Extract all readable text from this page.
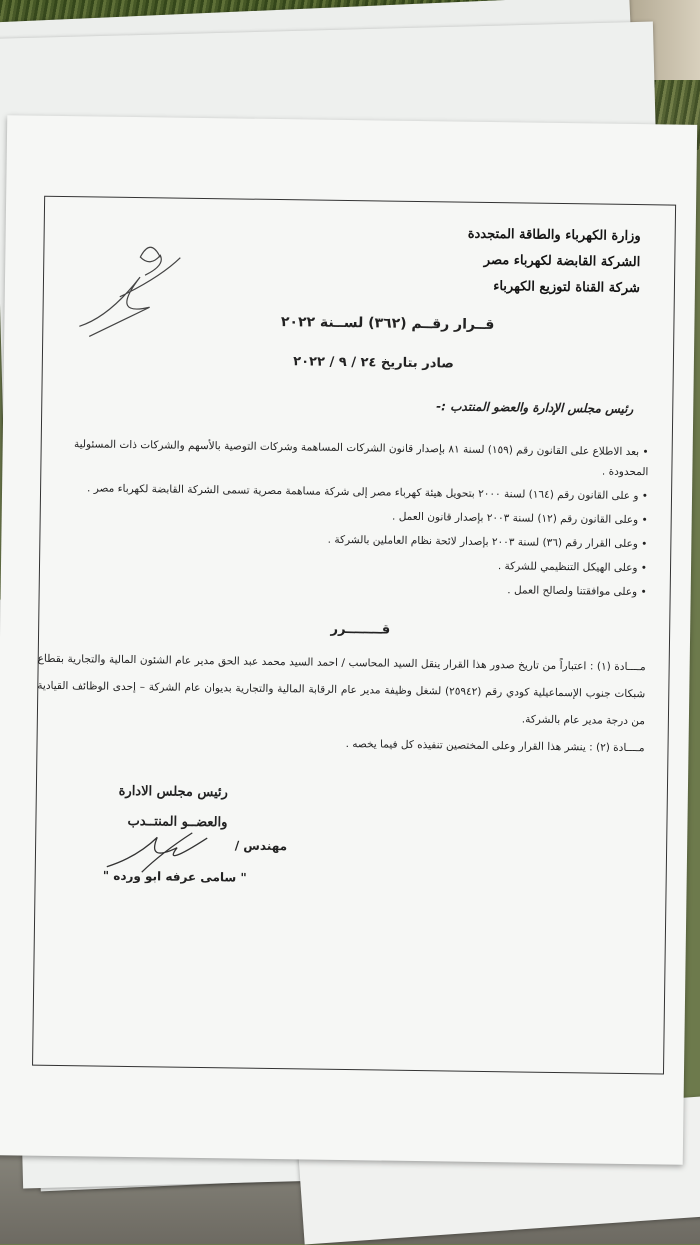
وزارة الكهرباء والطاقة المتجددة
الشركة القابضة لكهرباء مصر
شركة القناة لتوزيع الكهرباء
قــرار رقــم (٣٦٢) لســنة ٢٠٢٢
صادر بتاريخ ٢٤ / ٩ / ٢٠٢٢
رئيس مجلس الإدارة والعضو المنتدب :-
• بعد الاطلاع على القانون رقم (١٥٩) لسنة ٨١ بإصدار قانون الشركات المساهمة وشركات التوصية بالأسهم والشركات ذات المسئولية المحدودة .
• و على القانون رقم (١٦٤) لسنة ٢٠٠٠ بتحويل هيئة كهرباء مصر إلى شركة مساهمة مصرية تسمى الشركة القابضة لكهرباء مصر .
• وعلى القانون رقم (١٢) لسنة ٢٠٠٣ بإصدار قانون العمل .
• وعلى القرار رقم (٣٦) لسنة ٢٠٠٣ بإصدار لائحة نظام العاملين بالشركة .
• وعلى الهيكل التنظيمي للشركة .
• وعلى موافقتنا ولصالح العمل .
قــــــــرر
مــــادة (١) : اعتباراً من تاريخ صدور هذا القرار ينقل السيد المحاسب / احمد السيد محمد عبد الحق مدير عام الشئون المالية والتجارية بقطاع شبكات جنوب الإسماعيلية كودي رقم (٢٥٩٤٢) لشغل وظيفة مدير عام الرقابة المالية والتجارية بديوان عام الشركة – إحدى الوظائف القيادية من درجة مدير عام بالشركة.
مــــادة (٢) : ينشر هذا القرار وعلى المختصين تنفيذه كل فيما يخصه .
رئيس مجلس الادارة
والعضــو المنتــدب
مهندس /
" سامى عرفه ابو ورده "
